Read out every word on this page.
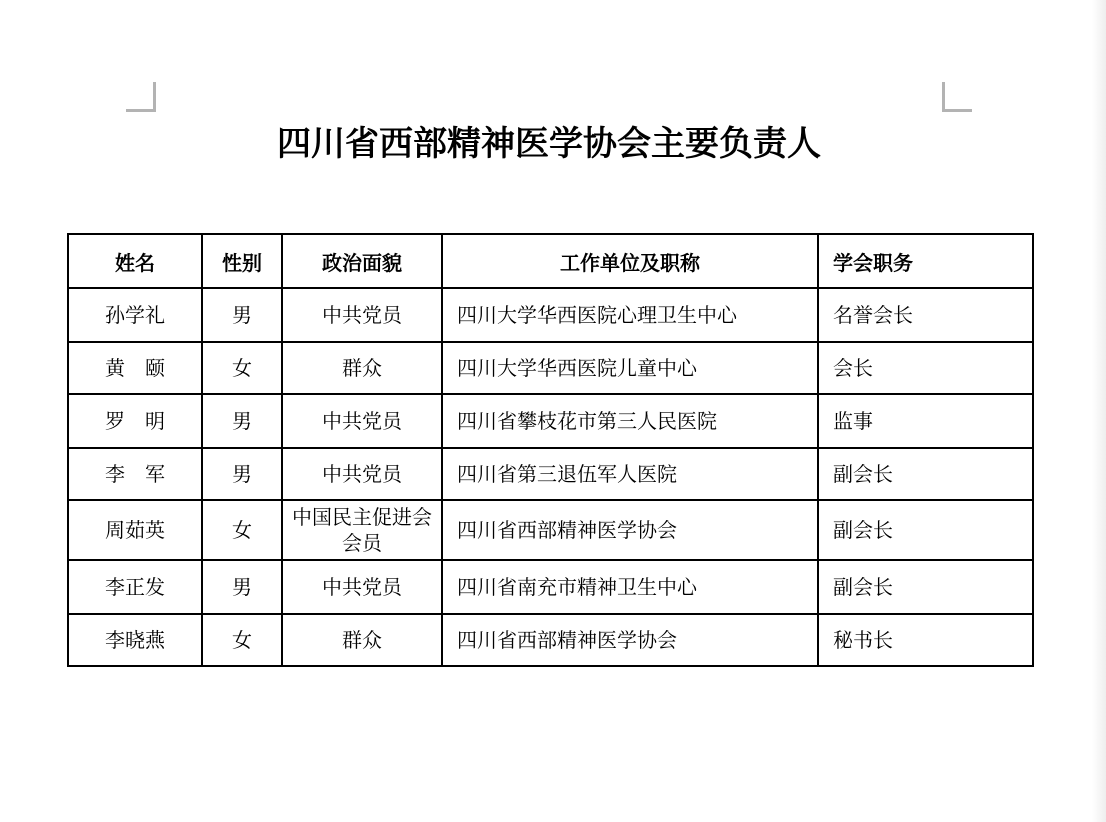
四川省西部精神医学协会主要负责人
姓名	性别	政治面貌	工作单位及职称	学会职务
孙学礼	男	中共党员	四川大学华西医院心理卫生中心	名誉会长
黄　颐	女	群众	四川大学华西医院儿童中心	会长
罗　明	男	中共党员	四川省攀枝花市第三人民医院	监事
李　军	男	中共党员	四川省第三退伍军人医院	副会长
周茹英	女	中国民主促进会会员	四川省西部精神医学协会	副会长
李正发	男	中共党员	四川省南充市精神卫生中心	副会长
李晓燕	女	群众	四川省西部精神医学协会	秘书长
